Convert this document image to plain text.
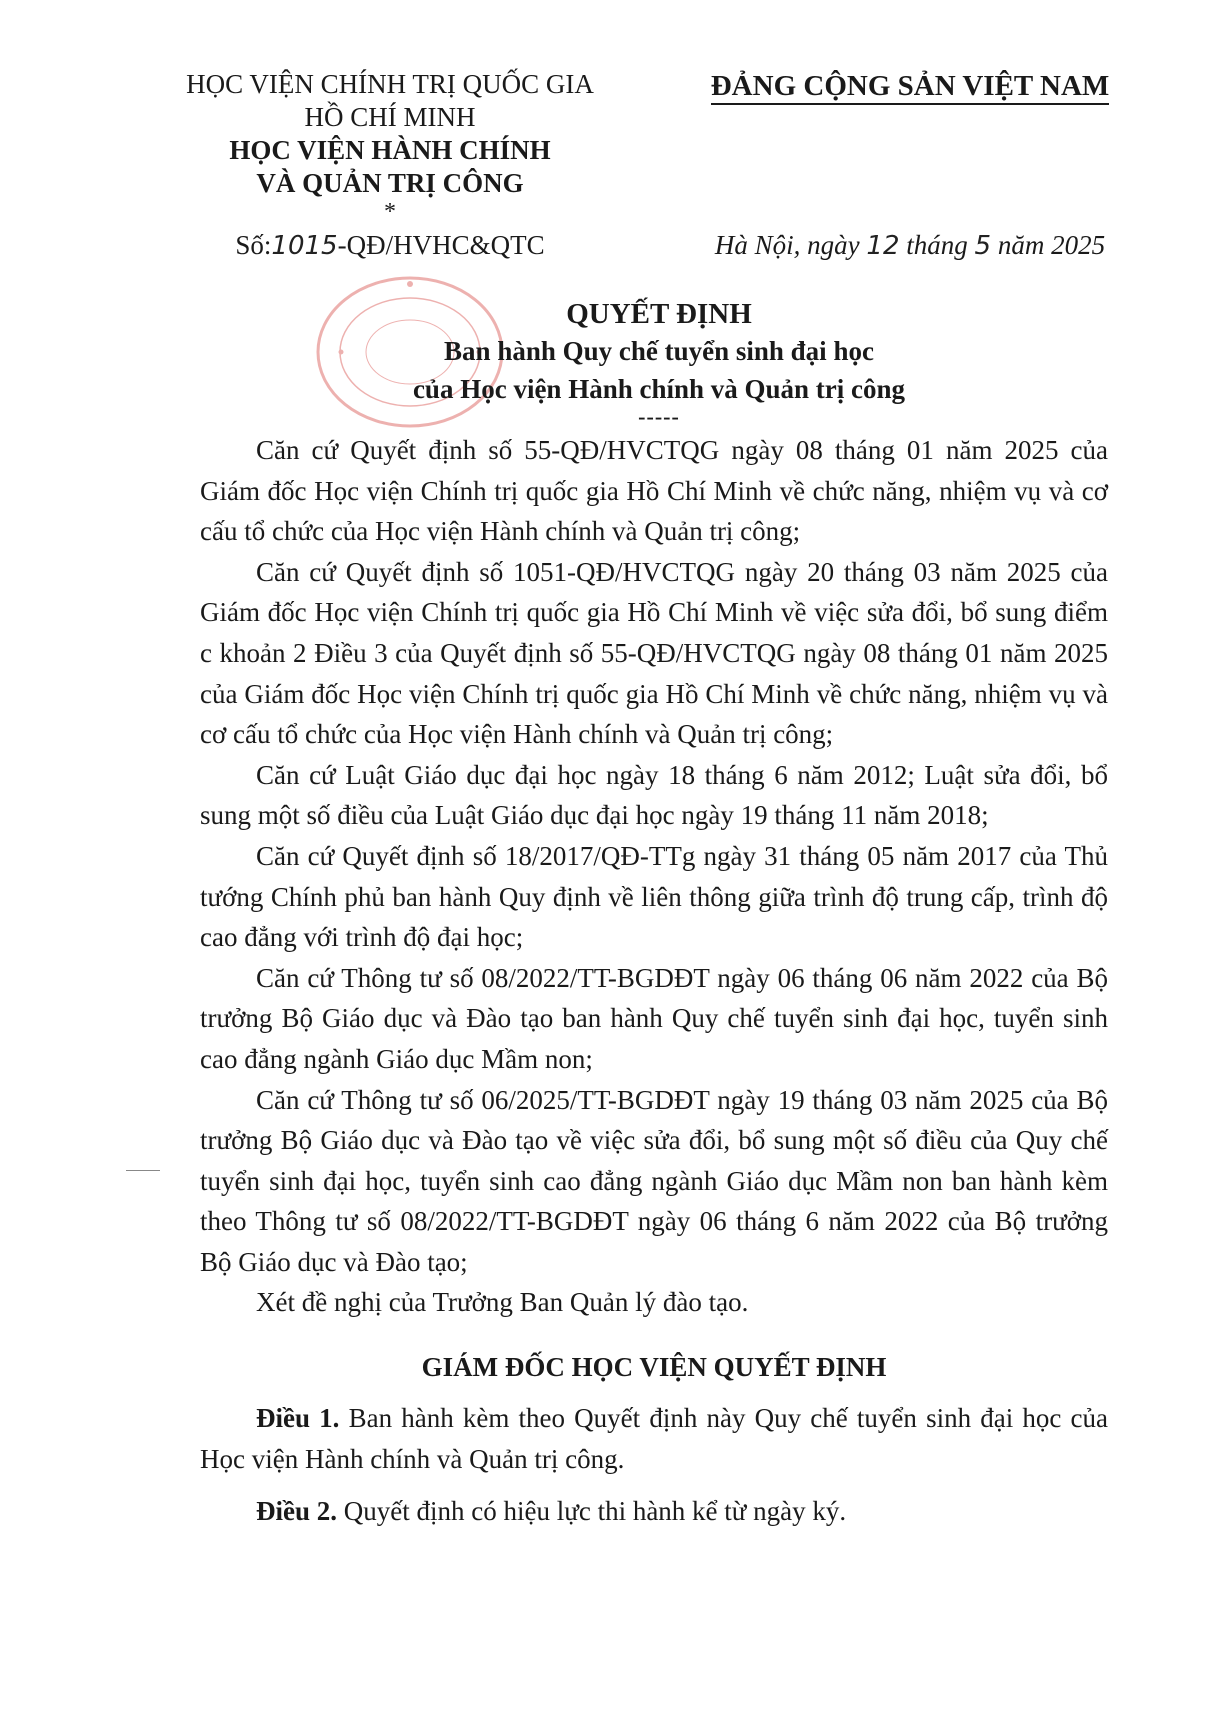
HỌC VIỆN CHÍNH TRỊ QUỐC GIA
HỒ CHÍ MINH
HỌC VIỆN HÀNH CHÍNH
VÀ QUẢN TRỊ CÔNG
*
ĐẢNG CỘNG SẢN VIỆT NAM
Số:1015-QĐ/HVHC&QTC	Hà Nội, ngày 12 tháng 5 năm 2025
QUYẾT ĐỊNH
Ban hành Quy chế tuyển sinh đại học
của Học viện Hành chính và Quản trị công
-----

Căn cứ Quyết định số 55-QĐ/HVCTQG ngày 08 tháng 01 năm 2025 của Giám đốc Học viện Chính trị quốc gia Hồ Chí Minh về chức năng, nhiệm vụ và cơ cấu tổ chức của Học viện Hành chính và Quản trị công;

Căn cứ Quyết định số 1051-QĐ/HVCTQG ngày 20 tháng 03 năm 2025 của Giám đốc Học viện Chính trị quốc gia Hồ Chí Minh về việc sửa đổi, bổ sung điểm c khoản 2 Điều 3 của Quyết định số 55-QĐ/HVCTQG ngày 08 tháng 01 năm 2025 của Giám đốc Học viện Chính trị quốc gia Hồ Chí Minh về chức năng, nhiệm vụ và cơ cấu tổ chức của Học viện Hành chính và Quản trị công;

Căn cứ Luật Giáo dục đại học ngày 18 tháng 6 năm 2012; Luật sửa đổi, bổ sung một số điều của Luật Giáo dục đại học ngày 19 tháng 11 năm 2018;

Căn cứ Quyết định số 18/2017/QĐ-TTg ngày 31 tháng 05 năm 2017 của Thủ tướng Chính phủ ban hành Quy định về liên thông giữa trình độ trung cấp, trình độ cao đẳng với trình độ đại học;

Căn cứ Thông tư số 08/2022/TT-BGDĐT ngày 06 tháng 06 năm 2022 của Bộ trưởng Bộ Giáo dục và Đào tạo ban hành Quy chế tuyển sinh đại học, tuyển sinh cao đẳng ngành Giáo dục Mầm non;

Căn cứ Thông tư số 06/2025/TT-BGDĐT ngày 19 tháng 03 năm 2025 của Bộ trưởng Bộ Giáo dục và Đào tạo về việc sửa đổi, bổ sung một số điều của Quy chế tuyển sinh đại học, tuyển sinh cao đẳng ngành Giáo dục Mầm non ban hành kèm theo Thông tư số 08/2022/TT-BGDĐT ngày 06 tháng 6 năm 2022 của Bộ trưởng Bộ Giáo dục và Đào tạo;

Xét đề nghị của Trưởng Ban Quản lý đào tạo.

GIÁM ĐỐC HỌC VIỆN QUYẾT ĐỊNH

Điều 1. Ban hành kèm theo Quyết định này Quy chế tuyển sinh đại học của Học viện Hành chính và Quản trị công.

Điều 2. Quyết định có hiệu lực thi hành kể từ ngày ký.
